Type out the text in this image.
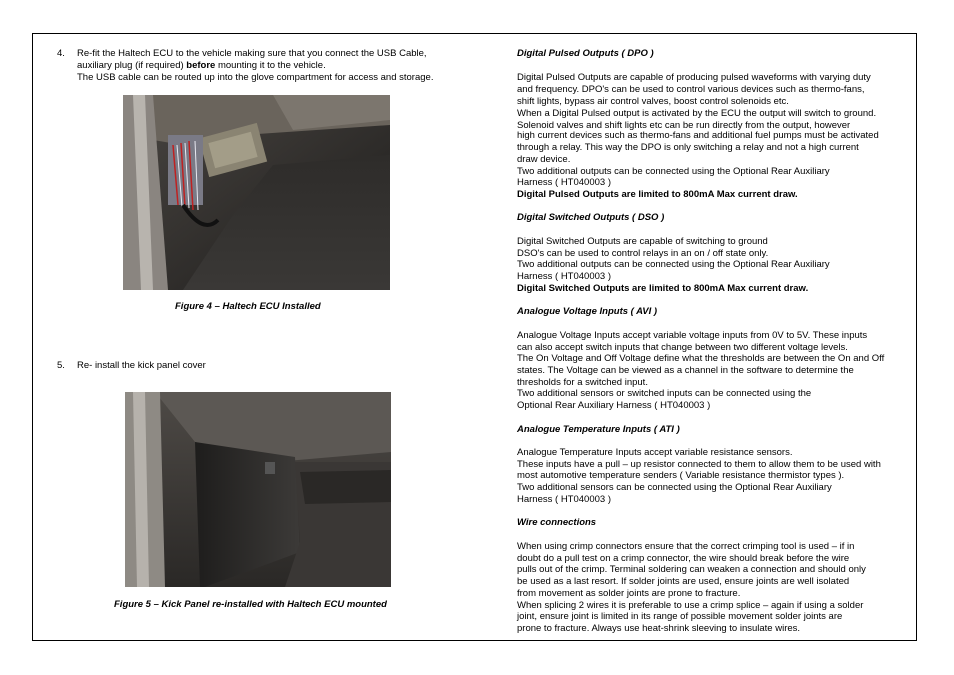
4. Re-fit the Haltech ECU to the vehicle making sure that you connect the USB Cable,
auxiliary plug (if required) before mounting it to the vehicle.
The USB cable can be routed up into the glove compartment for access and storage.
Figure 4 – Haltech ECU Installed
5. Re- install the kick panel cover
Figure 5 – Kick Panel re-installed with Haltech ECU mounted
Digital Pulsed Outputs ( DPO )
Digital Pulsed Outputs are capable of producing pulsed waveforms with varying duty
and frequency. DPO's can be used to control various devices such as thermo-fans,
shift lights, bypass air control valves, boost control solenoids etc.
When a Digital Pulsed output is activated by the ECU the output will switch to ground.
Solenoid valves and shift lights etc can be run directly from the output, however
high current devices such as thermo-fans and additional fuel pumps must be activated
through a relay. This way the DPO is only switching a relay and not a high current
draw device.
Two additional outputs can be connected using the Optional Rear Auxiliary
Harness ( HT040003 )
Digital Pulsed Outputs are limited to 800mA Max current draw.
Digital Switched Outputs ( DSO )
Digital Switched Outputs are capable of switching to ground
DSO's can be used to control relays in an on / off state only.
Two additional outputs can be connected using the Optional Rear Auxiliary
Harness ( HT040003 )
Digital Switched Outputs are limited to 800mA Max current draw.
Analogue Voltage Inputs ( AVI )
Analogue Voltage Inputs accept variable voltage inputs from 0V to 5V. These inputs
can also accept switch inputs that change between two different voltage levels.
The On Voltage and Off Voltage define what the thresholds are between the On and Off
states. The Voltage can be viewed as a channel in the software to determine the
thresholds for a switched input.
Two additional sensors or switched inputs can be connected using the
Optional Rear Auxiliary Harness ( HT040003 )
Analogue Temperature Inputs ( ATI )
Analogue Temperature Inputs accept variable resistance sensors.
These inputs have a pull – up resistor connected to them to allow them to be used with
most automotive temperature senders ( Variable resistance thermistor types ).
Two additional sensors can be connected using the Optional Rear Auxiliary
Harness ( HT040003 )
Wire connections
When using crimp connectors ensure that the correct crimping tool is used – if in
doubt do a pull test on a crimp connector, the wire should break before the wire
pulls out of the crimp. Terminal soldering can weaken a connection and should only
be used as a last resort. If solder joints are used, ensure joints are well isolated
from movement as solder joints are prone to fracture.
When splicing 2 wires it is preferable to use a crimp splice – again if using a solder
joint, ensure joint is limited in its range of possible movement solder joints are
prone to fracture. Always use heat-shrink sleeving to insulate wires.
